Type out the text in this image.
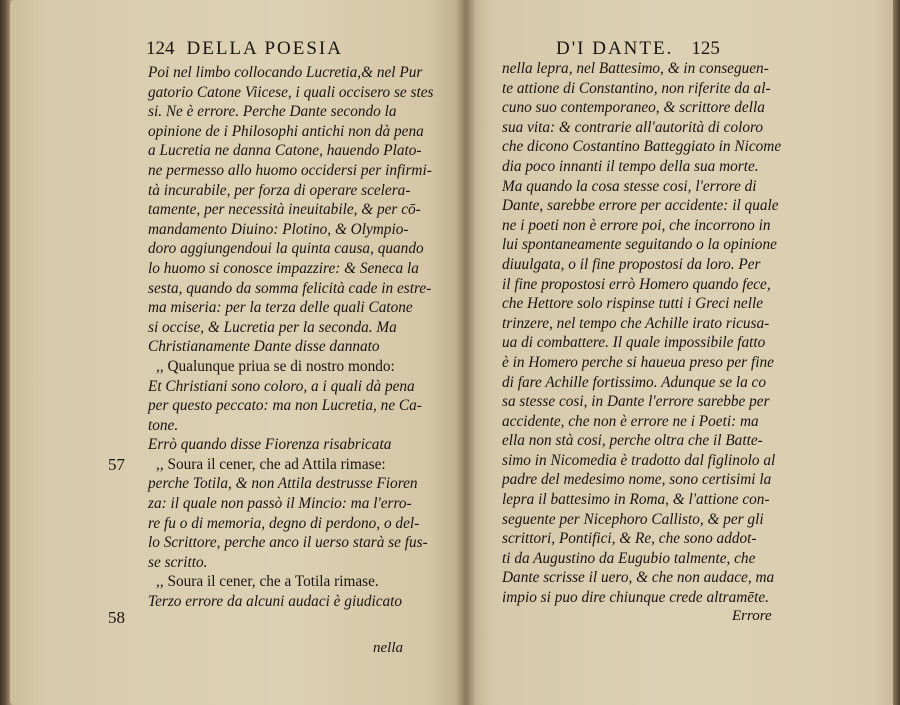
124 DELLA POESIA
Poi nel limbo collocando Lucretia,& nel Pur
gatorio Catone Viicese, i quali occisero se stes
si. Ne è errore. Perche Dante secondo la
opinione de i Philosophi antichi non dà pena
a Lucretia ne danna Catone, hauendo Plato-
ne permesso allo huomo occidersi per infirmi-
tà incurabile, per forza di operare scelera-
tamente, per necessità ineuitabile, & per cō-
mandamento Diuino: Plotino, & Olympio-
doro aggiungendoui la quinta causa, quando
lo huomo si conosce impazzire: & Seneca la
sesta, quando da somma felicità cade in estre-
ma miseria: per la terza delle quali Catone
si occise, & Lucretia per la seconda. Ma
Christianamente Dante disse dannato
,, Qualunque priua se di nostro mondo:
Et Christiani sono coloro, a i quali dà pena
per questo peccato: ma non Lucretia, ne Ca-
tone.
Errò quando disse Fiorenza risabricata
,, Soura il cener, che ad Attila rimase:
perche Totila, & non Attila destrusse Fioren
za: il quale non passò il Mincio: ma l'erro-
re fu o di memoria, degno di perdono, o del-
lo Scrittore, perche anco il uerso starà se fus-
se scritto.
,, Soura il cener, che a Totila rimase.
Terzo errore da alcuni audaci è giudicato
57
58
nella
D'I DANTE. 125
nella lepra, nel Battesimo, & in conseguen-
te attione di Constantino, non riferite da al-
cuno suo contemporaneo, & scrittore della
sua vita: & contrarie all'autorità di coloro
che dicono Costantino Batteggiato in Nicome
dia poco innanti il tempo della sua morte.
Ma quando la cosa stesse cosi, l'errore di
Dante, sarebbe errore per accidente: il quale
ne i poeti non è errore poi, che incorrono in
lui spontaneamente seguitando o la opinione
diuulgata, o il fine propostosi da loro. Per
il fine propostosi errò Homero quando fece,
che Hettore solo rispinse tutti i Greci nelle
trinzere, nel tempo che Achille irato ricusa-
ua di combattere. Il quale impossibile fatto
è in Homero perche si haueua preso per fine
di fare Achille fortissimo. Adunque se la co
sa stesse cosi, in Dante l'errore sarebbe per
accidente, che non è errore ne i Poeti: ma
ella non stà cosi, perche oltra che il Batte-
simo in Nicomedia è tradotto dal figlinolo al
padre del medesimo nome, sono certisimi la
lepra il battesimo in Roma, & l'attione con-
seguente per Nicephoro Callisto, & per gli
scrittori, Pontifici, & Re, che sono addot-
ti da Augustino da Eugubio talmente, che
Dante scrisse il uero, & che non audace, ma
impio si puo dire chiunque crede altramēte.
Errore
